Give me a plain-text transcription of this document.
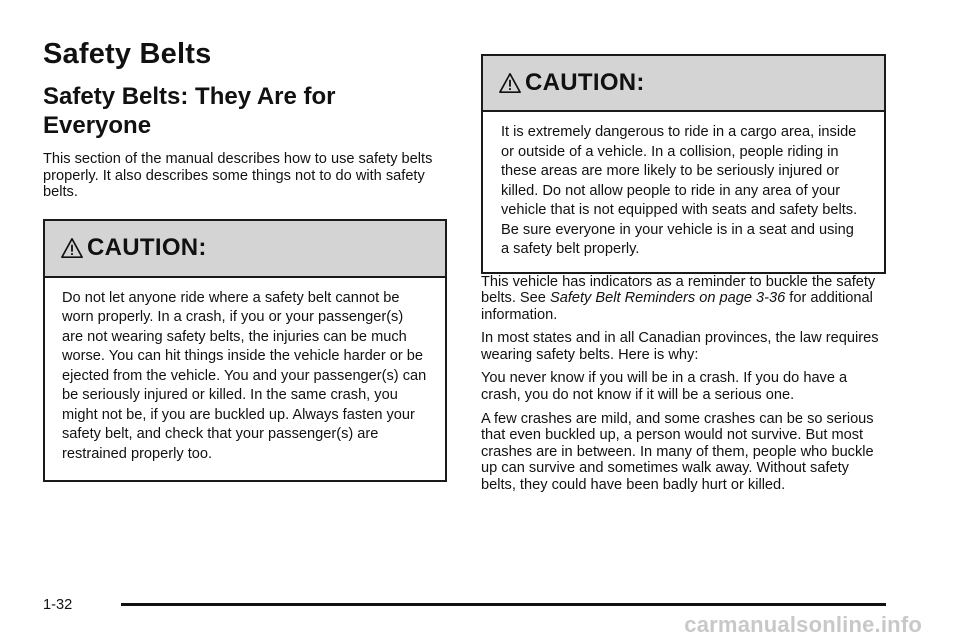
Safety Belts
Safety Belts: They Are for Everyone

This section of the manual describes how to use safety belts properly. It also describes some things not to do with safety belts.

CAUTION:
Do not let anyone ride where a safety belt cannot be worn properly. In a crash, if you or your passenger(s) are not wearing safety belts, the injuries can be much worse. You can hit things inside the vehicle harder or be ejected from the vehicle. You and your passenger(s) can be seriously injured or killed. In the same crash, you might not be, if you are buckled up. Always fasten your safety belt, and check that your passenger(s) are restrained properly too.
CAUTION:
It is extremely dangerous to ride in a cargo area, inside or outside of a vehicle. In a collision, people riding in these areas are more likely to be seriously injured or killed. Do not allow people to ride in any area of your vehicle that is not equipped with seats and safety belts. Be sure everyone in your vehicle is in a seat and using a safety belt properly.

This vehicle has indicators as a reminder to buckle the safety belts. See Safety Belt Reminders on page 3-36 for additional information.

In most states and in all Canadian provinces, the law requires wearing safety belts. Here is why:

You never know if you will be in a crash. If you do have a crash, you do not know if it will be a serious one.

A few crashes are mild, and some crashes can be so serious that even buckled up, a person would not survive. But most crashes are in between. In many of them, people who buckle up can survive and sometimes walk away. Without safety belts, they could have been badly hurt or killed.

1-32
carmanualsonline.info
